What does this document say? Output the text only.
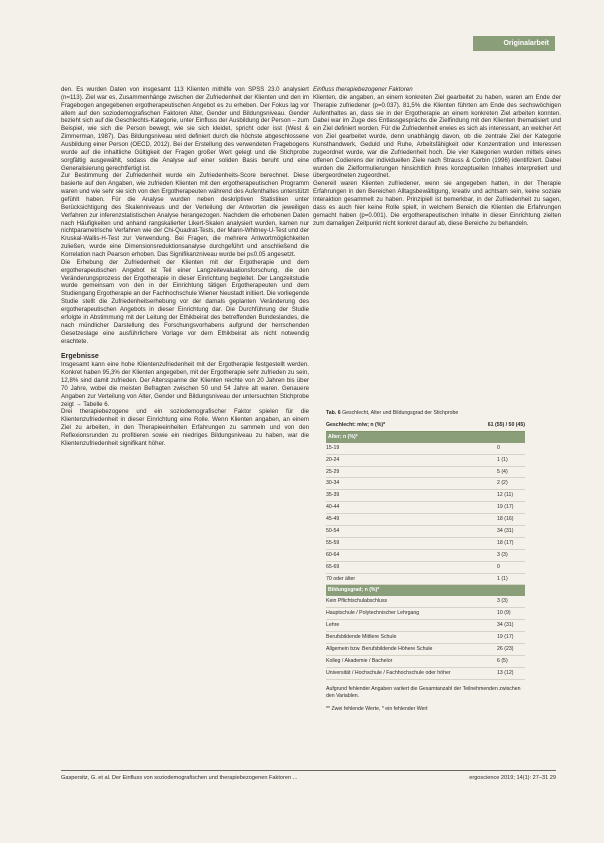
Originalarbeit

den. Es wurden Daten von insgesamt 113 Klienten mithilfe von SPSS 23.0 analysiert (n=113). Ziel war es, Zusammenhänge zwischen der Zufriedenheit der Klienten und den im Fragebogen angegebenen ergotherapeutischen Angebot es zu erheben. Der Fokus lag vor allem auf den soziodemografischen Faktoren Alter, Gender und Bildungsniveau. Gender bezieht sich auf die Geschlechts-Kategorie, unter Einfluss der Ausbildung der Person – zum Beispiel, wie sich die Person bewegt, wie sie sich kleidet, spricht oder isst (West & Zimmerman, 1987). Das Bildungsniveau wird definiert durch die höchste abgeschlossene Ausbildung einer Person (OECD, 2012). Bei der Erstellung des verwendeten Fragebogens wurde auf die inhaltliche Gültigkeit der Fragen großer Wert gelegt und die Stichprobe sorgfältig ausgewählt, sodass die Analyse auf einer soliden Basis beruht und eine Generalisierung gerechtfertigt ist.

Zur Bestimmung der Zufriedenheit wurde ein Zufriedenheits-Score berechnet. Diese basierte auf den Angaben, wie zufrieden Klienten mit den ergotherapeutischen Programm waren und wie sehr sie sich von den Ergotherapeuten während des Aufenthaltes unterstützt gefühlt haben. Für die Analyse wurden neben deskriptiven Statistiken unter Berücksichtigung des Skalenniveaus und der Verteilung der Antworten die jeweiligen Verfahren zur inferenzstatistischen Analyse herangezogen. Nachdem die erhobenen Daten nach Häufigkeiten und anhand rangskalierter Likert-Skalen analysiert wurden, kamen nur nichtparametrische Verfahren wie der Chi-Quadrat-Tests, der Mann-Whitney-U-Test und der Kruskal-Wallis-H-Test zur Verwendung. Bei Fragen, die mehrere Antwortmöglichkeiten zuließen, wurde eine Dimensionsreduktionsanalyse durchgeführt und anschließend die Korrelation nach Pearson erhoben. Das Signifikanzniveau wurde bei p≤0.05 angesetzt.

Die Erhebung der Zufriedenheit der Klienten mit der Ergotherapie und dem ergotherapeutischen Angebot ist Teil einer Langzeitevaluationsforschung, die den Veränderungsprozess der Ergotherapie in dieser Einrichtung begleitet. Der Langzeitstudie wurde gemeinsam von den in der Einrichtung tätigen Ergotherapeuten und dem Studiengang Ergotherapie an der Fachhochschule Wiener Neustadt initiiert. Die vorliegende Studie stellt die Zufriedenheitserhebung vor der damals geplanten Veränderung des ergotherapeutischen Angebots in dieser Einrichtung dar. Die Durchführung der Studie erfolgte in Abstimmung mit der Leitung der Ethikbeirat des betreffenden Bundeslandes, die nach mündlicher Darstellung des Forschungsvorhabens aufgrund der herrschenden Gesetzeslage eine ausführlichere Vorlage vor dem Ethikbeirat als nicht notwendig erachtete.

Ergebnisse

Insgesamt kann eine hohe Klientenzufriedenheit mit der Ergotherapie festgestellt werden. Konkret haben 95,3% der Klienten angegeben, mit der Ergotherapie sehr zufrieden zu sein, 12,8% sind damit zufrieden. Der Altersspanne der Klienten reichte von 20 Jahren bis über 70 Jahre, wobei die meisten Befragten zwischen 50 und 54 Jahre alt waren. Genauere Angaben zur Verteilung von Alter, Gender und Bildungsniveau der untersuchten Stichprobe zeigt → Tabelle 6.

Drei therapiebezogene und ein soziodemografischer Faktor spielen für die Klientenzufriedenheit in dieser Einrichtung eine Rolle. Wenn Klienten angaben, an einem Ziel zu arbeiten, in den Therapieeinheiten Erfahrungen zu sammeln und von den Reflexionsrunden zu profitieren sowie ein niedriges Bildungsniveau zu haben, war die Klientenzufriedenheit signifikant höher.

Einfluss therapiebezogener Faktoren

Klienten, die angaben, an einem konkreten Ziel gearbeitet zu haben, waren am Ende der Therapie zufriedener (p=0.037). 81,5% die Klienten führten am Ende des sechswöchigen Aufenthaltes an, dass sie in der Ergotherapie an einem konkreten Ziel arbeiten konnten. Dabei war im Zuge des Entlassgesprächs die Zielfindung mit den Klienten thematisiert und ein Ziel definiert worden. Für die Zufriedenheit erwies es sich als interessant, an welcher Art von Ziel gearbeitet wurde, denn unabhängig davon, ob die zentrale Ziel der Kategorie Kunsthandwerk, Geduld und Ruhe, Arbeitsfähigkeit oder Konzentration und Interessen zugeordnet wurde, war die Zufriedenheit hoch. Die vier Kategorien wurden mittels eines offenen Codierens der individuellen Ziele nach Strauss & Corbin (1996) identifiziert. Dabei wurden die Zielformulierungen hinsichtlich ihres konzeptuellen Inhaltes interpretiert und übergeordneten zugeordnet.

Generell waren Klienten zufriedener, wenn sie angegeben hatten, in der Therapie Erfahrungen in den Bereichen Alltagsbewältigung, kreativ und achtsam sein, keine soziale Interaktion gesammelt zu haben. Prinzipiell ist bemerkbar, in der Zufriedenheit zu sagen, dass es auch hier keine Rolle spielt, in welchem Bereich die Klienten die Erfahrungen gemacht haben (p=0.001). Die ergotherapeutischen Inhalte in dieser Einrichtung zielten zum damaligen Zeitpunkt nicht konkret darauf ab, diese Bereiche zu behandeln.

Tab. 6 Geschlecht, Alter und Bildungsgrad der Stichprobe
Geschlecht: m/w; n (%)*	61 (55) / 50 (45)
Alter; n (%)*
15-19	0
20-24	1 (1)
25-29	5 (4)
30-34	2 (2)
35-39	12 (11)
40-44	19 (17)
45-49	18 (16)
50-54	34 (31)
55-59	18 (17)
60-64	3 (3)
65-69	0
70 oder älter	1 (1)
Bildungsgrad; n (%)*
Kein Pflichtschulabschluss	3 (3)
Hauptschule / Polytechnischer Lehrgang	10 (9)
Lehre	34 (31)
Berufsbildende Mittlere Schule	19 (17)
Allgemein bzw. Berufsbildende Höhere Schule	26 (23)
Kolleg / Akademie / Bachelor	6 (5)
Universität / Hochschule / Fachhochschule oder höher	13 (12)
Aufgrund fehlender Angaben variiert die Gesamtanzahl der Teilnehmenden zwischen den Variablen.
** Zwei fehlende Werte, * ein fehlender Wert
Gaspersitz, G. et al. Der Einfluss von soziodemografischen und therapiebezogenen Faktoren ...	ergoscience 2019; 14(1): 27–31 29
